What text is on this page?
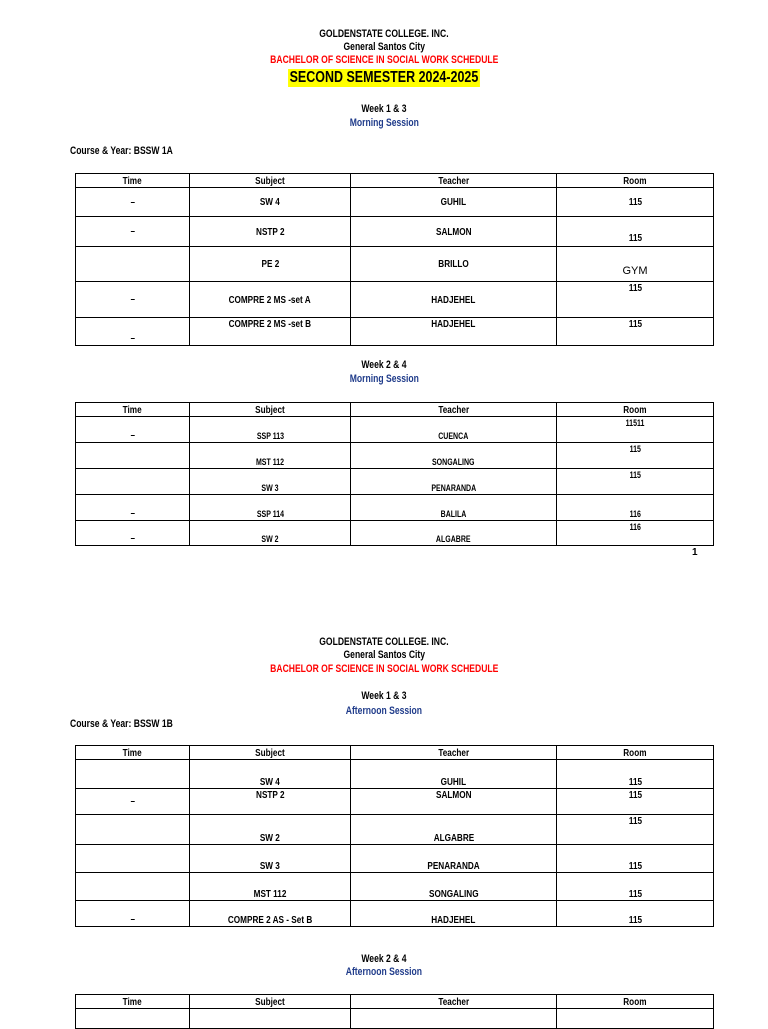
GOLDENSTATE COLLEGE. INC.
General Santos City
BACHELOR OF SCIENCE IN SOCIAL WORK SCHEDULE
SECOND SEMESTER 2024-2025
Week 1 & 3
Morning Session
Course & Year: BSSW 1A
Time	Subject	Teacher	Room
–	SW 4	GUHIL	115
–	NSTP 2	SALMON	115
	PE 2	BRILLO	GYM
–	COMPRE 2 MS -set A	HADJEHEL	115
–	COMPRE 2 MS -set B	HADJEHEL	115
Week 2 & 4
Morning Session
Time	Subject	Teacher	Room
–	SSP 113	CUENCA	11511
	MST 112	SONGALING	115
	SW 3	PENARANDA	115
–	SSP 114	BALILA	116
–	SW 2	ALGABRE	116
1
GOLDENSTATE COLLEGE. INC.
General Santos City
BACHELOR OF SCIENCE IN SOCIAL WORK SCHEDULE
Week 1 & 3
Afternoon Session
Course & Year: BSSW 1B
Time	Subject	Teacher	Room
	SW 4	GUHIL	115
–	NSTP 2	SALMON	115
	SW 2	ALGABRE	115
	SW 3	PENARANDA	115
	MST 112	SONGALING	115
–	COMPRE 2 AS - Set B	HADJEHEL	115
Week 2 & 4
Afternoon Session
Time	Subject	Teacher	Room
